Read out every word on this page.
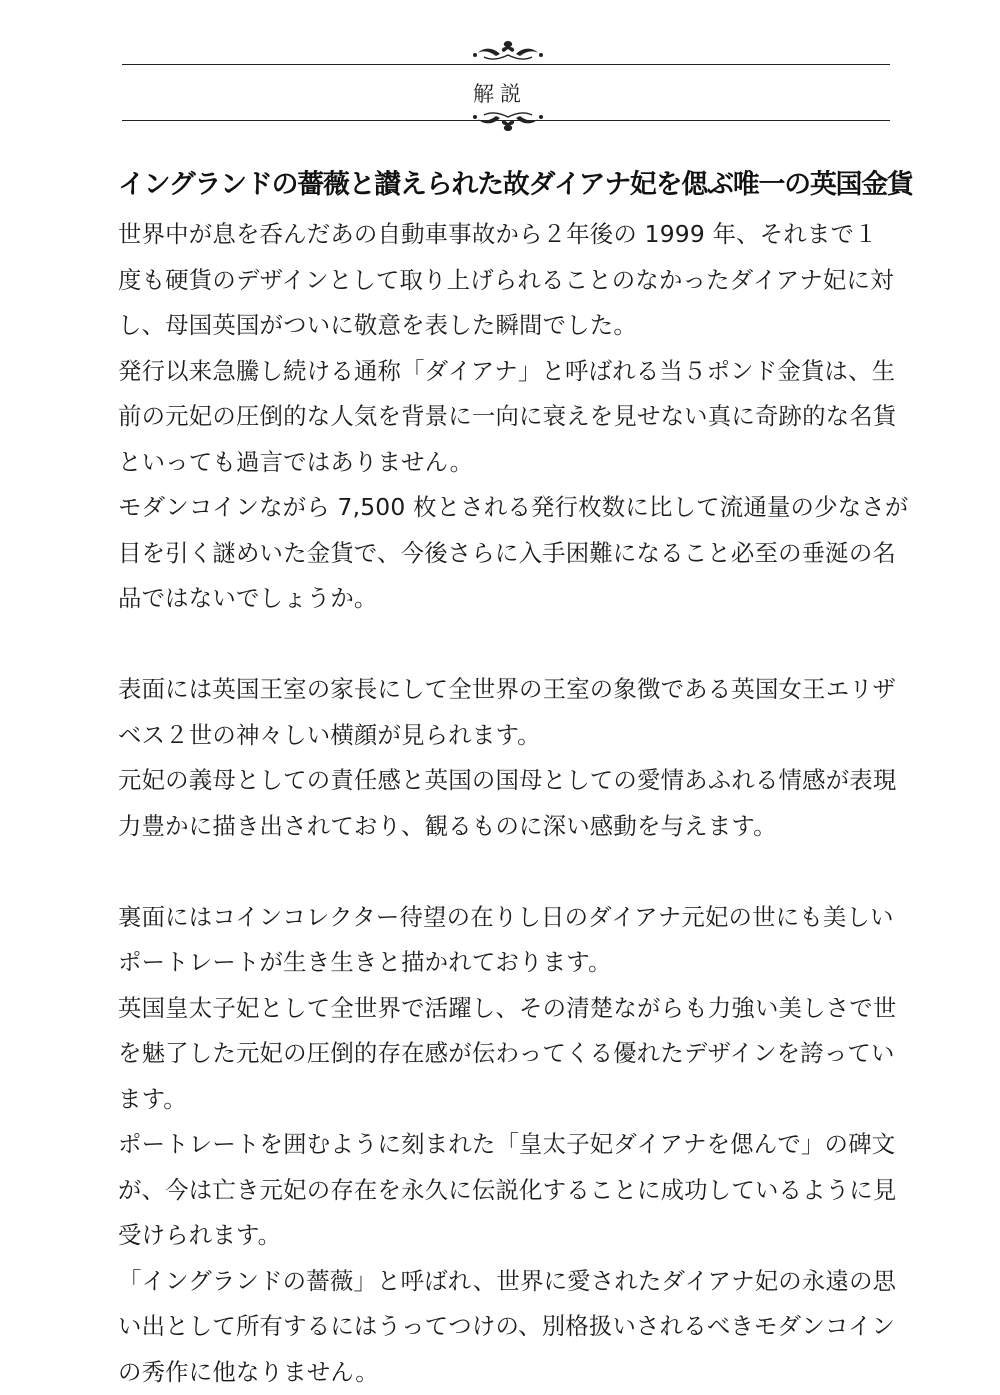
解説
イングランドの薔薇と讃えられた故ダイアナ妃を偲ぶ唯一の英国金貨
世界中が息を呑んだあの自動車事故から２年後の 1999 年、それまで１
度も硬貨のデザインとして取り上げられることのなかったダイアナ妃に対
し、母国英国がついに敬意を表した瞬間でした。
発行以来急騰し続ける通称「ダイアナ」と呼ばれる当５ポンド金貨は、生
前の元妃の圧倒的な人気を背景に一向に衰えを見せない真に奇跡的な名貨
といっても過言ではありません。
モダンコインながら 7,500 枚とされる発行枚数に比して流通量の少なさが
目を引く謎めいた金貨で、今後さらに入手困難になること必至の垂涎の名
品ではないでしょうか。
表面には英国王室の家長にして全世界の王室の象徴である英国女王エリザ
ベス２世の神々しい横顔が見られます。
元妃の義母としての責任感と英国の国母としての愛情あふれる情感が表現
力豊かに描き出されており、観るものに深い感動を与えます。
裏面にはコインコレクター待望の在りし日のダイアナ元妃の世にも美しい
ポートレートが生き生きと描かれております。
英国皇太子妃として全世界で活躍し、その清楚ながらも力強い美しさで世
を魅了した元妃の圧倒的存在感が伝わってくる優れたデザインを誇ってい
ます。
ポートレートを囲むように刻まれた「皇太子妃ダイアナを偲んで」の碑文
が、今は亡き元妃の存在を永久に伝説化することに成功しているように見
受けられます。
「イングランドの薔薇」と呼ばれ、世界に愛されたダイアナ妃の永遠の思
い出として所有するにはうってつけの、別格扱いされるべきモダンコイン
の秀作に他なりません。
